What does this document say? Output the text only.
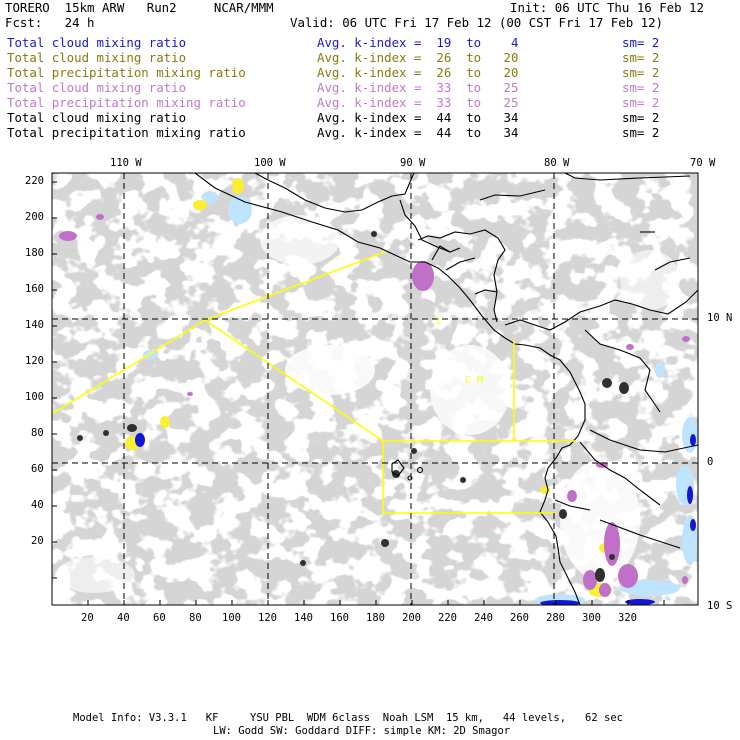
TORERO  15km ARW   Run2     NCAR/MMM	Init: 06 UTC Thu 16 Feb 12
Fcst:   24 h	Valid: 06 UTC Fri 17 Feb 12 (00 CST Fri 17 Feb 12)
Total cloud mixing ratio	Avg. k-index =  19  to    4	sm= 2
Total cloud mixing ratio	Avg. k-index =  26  to   20	sm= 2
Total precipitation mixing ratio	Avg. k-index =  26  to   20	sm= 2
Total cloud mixing ratio	Avg. k-index =  33  to   25	sm= 2
Total precipitation mixing ratio	Avg. k-index =  33  to   25	sm= 2
Total cloud mixing ratio	Avg. k-index =  44  to   34	sm= 2
Total precipitation mixing ratio	Avg. k-index =  44  to   34	sm= 2
1
C M
20 40 60 80 100 120 140 160 180 200 220 240 260 280 300 320
220
200
180
160
140
120
100
80
60
40
20
110 W	100 W	90 W	80 W	70 W
10 N
0
10 S
Model Info: V3.3.1   KF     YSU PBL  WDM 6class  Noah LSM  15 km,   44 levels,   62 sec
LW: Godd SW: Goddard DIFF: simple KM: 2D Smagor
